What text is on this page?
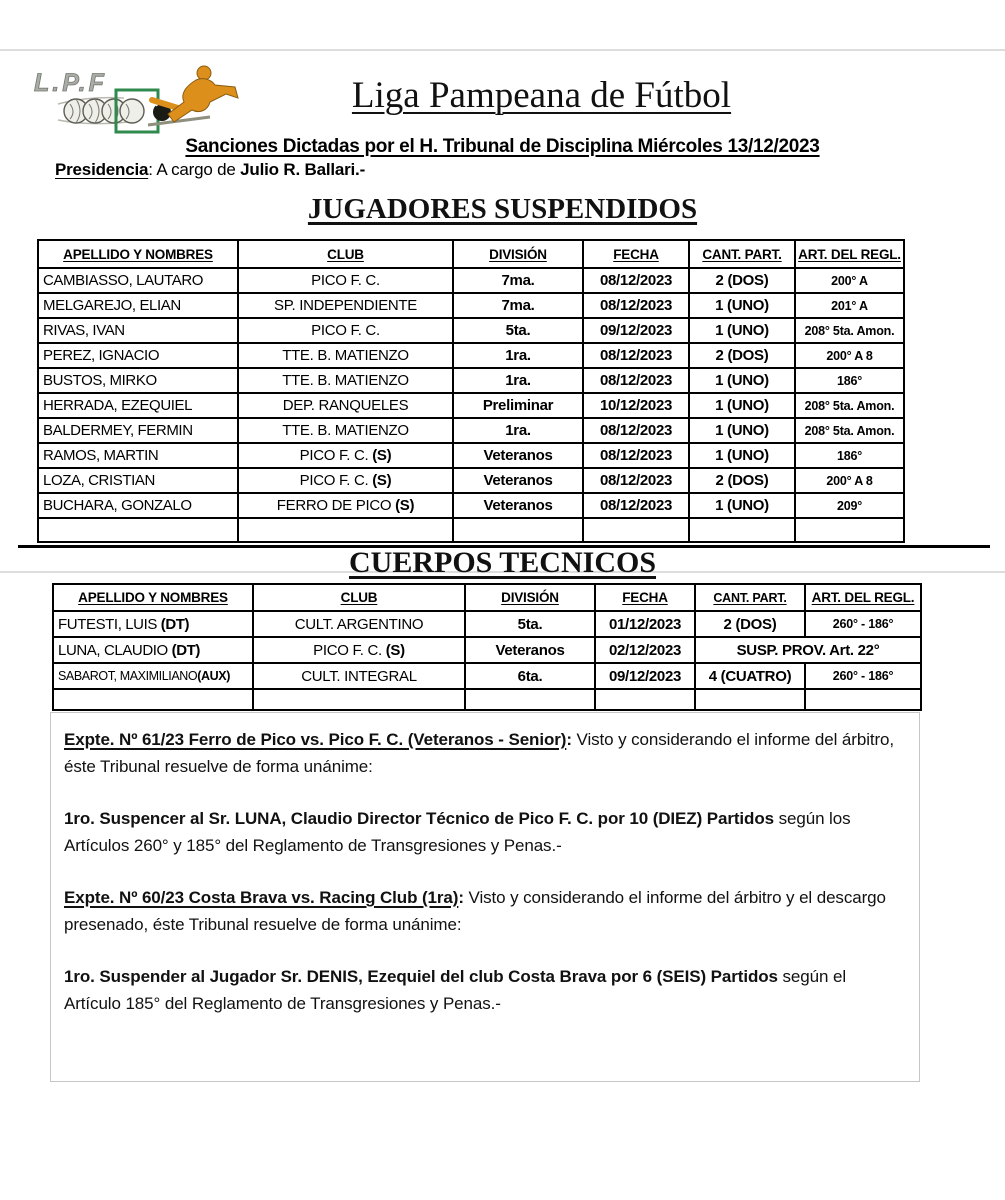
L.P.F	Liga Pampeana de Fútbol
Sanciones Dictadas por el H. Tribunal de Disciplina Miércoles 13/12/2023
Presidencia: A cargo de Julio R. Ballari.-
JUGADORES SUSPENDIDOS
APELLIDO Y NOMBRES	CLUB	DIVISIÓN	FECHA	CANT. PART.	ART. DEL REGL.
CAMBIASSO, LAUTARO	PICO F. C.	7ma.	08/12/2023	2 (DOS)	200° A
MELGAREJO, ELIAN	SP. INDEPENDIENTE	7ma.	08/12/2023	1 (UNO)	201° A
RIVAS, IVAN	PICO F. C.	5ta.	09/12/2023	1 (UNO)	208° 5ta. Amon.
PEREZ, IGNACIO	TTE. B. MATIENZO	1ra.	08/12/2023	2 (DOS)	200° A 8
BUSTOS, MIRKO	TTE. B. MATIENZO	1ra.	08/12/2023	1 (UNO)	186°
HERRADA, EZEQUIEL	DEP. RANQUELES	Preliminar	10/12/2023	1 (UNO)	208° 5ta. Amon.
BALDERMEY, FERMIN	TTE. B. MATIENZO	1ra.	08/12/2023	1 (UNO)	208° 5ta. Amon.
RAMOS, MARTIN	PICO F. C. (S)	Veteranos	08/12/2023	1 (UNO)	186°
LOZA, CRISTIAN	PICO F. C. (S)	Veteranos	08/12/2023	2 (DOS)	200° A 8
BUCHARA, GONZALO	FERRO DE PICO (S)	Veteranos	08/12/2023	1 (UNO)	209°

CUERPOS TECNICOS
APELLIDO Y NOMBRES	CLUB	DIVISIÓN	FECHA	CANT. PART.	ART. DEL REGL.
FUTESTI, LUIS (DT)	CULT. ARGENTINO	5ta.	01/12/2023	2 (DOS)	260° - 186°
LUNA, CLAUDIO (DT)	PICO F. C. (S)	Veteranos	02/12/2023	SUSP. PROV. Art. 22°	
SABAROT, MAXIMILIANO(AUX)	CULT. INTEGRAL	6ta.	09/12/2023	4 (CUATRO)	260° - 186°

Expte. Nº 61/23 Ferro de Pico vs. Pico F. C. (Veteranos - Senior): Visto y considerando el informe del árbitro, éste Tribunal resuelve de forma unánime:

1ro. Suspencer al Sr. LUNA, Claudio Director Técnico de Pico F. C. por 10 (DIEZ) Partidos según los Artículos 260° y 185° del Reglamento de Transgresiones y Penas.-

Expte. Nº 60/23 Costa Brava vs. Racing Club (1ra): Visto y considerando el informe del árbitro y el descargo presenado, éste Tribunal resuelve de forma unánime:

1ro. Suspender al Jugador Sr. DENIS, Ezequiel del club Costa Brava por 6 (SEIS) Partidos según el Artículo 185° del Reglamento de Transgresiones y Penas.-
